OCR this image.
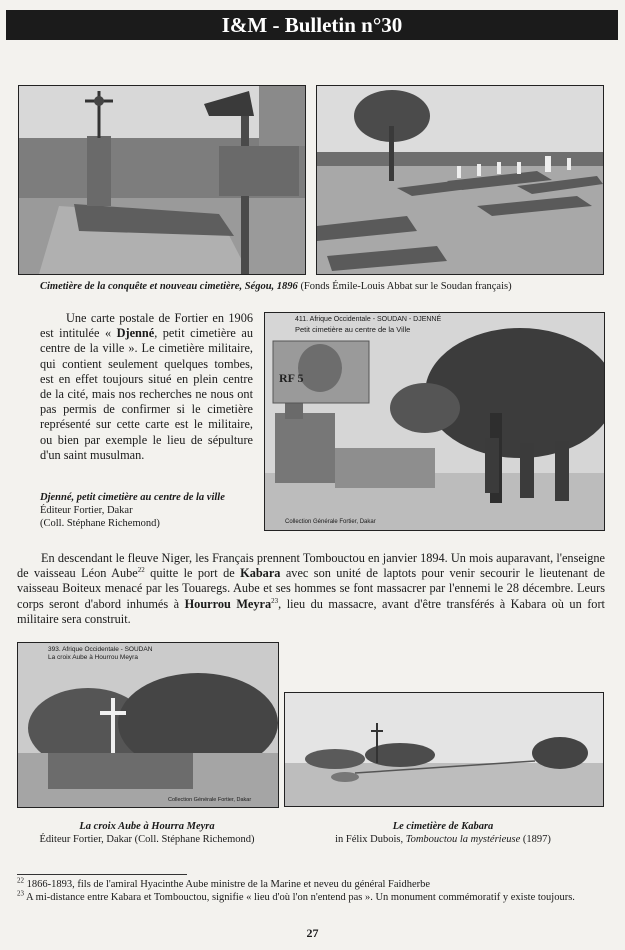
I&M - Bulletin n°30
Cimetière de la conquête et nouveau cimetière, Ségou, 1896 (Fonds Émile-Louis Abbat sur le Soudan français)
Une carte postale de Fortier en 1906 est intitulée « Djenné, petit cimetière au centre de la ville ». Le cimetière militaire, qui contient seulement quelques tombes, est en effet toujours situé en plein centre de la cité, mais nos recherches ne nous ont pas permis de confirmer si le cimetière représenté sur cette carte est le militaire, ou bien par exemple le lieu de sépulture d'un saint musulman.
411. Afrique Occidentale - SOUDAN - DJENNÉ
Petit cimetière au centre de la Ville
RF 5
Collection Générale Fortier, Dakar
Djenné, petit cimetière au centre de la ville
Éditeur Fortier, Dakar
(Coll. Stéphane Richemond)
En descendant le fleuve Niger, les Français prennent Tombouctou en janvier 1894. Un mois auparavant, l'enseigne de vaisseau Léon Aube$^{22}$ quitte le port de Kabara avec son unité de laptots pour venir secourir le lieutenant de vaisseau Boiteux menacé par les Touaregs. Aube et ses hommes se font massacrer par l'ennemi le 28 décembre. Leurs corps seront d'abord inhumés à Hourrou Meyra$^{23}$, lieu du massacre, avant d'être transférés à Kabara où un fort militaire sera construit.
393. Afrique Occidentale - SOUDAN
La croix Aube à Hourrou Meyra
Collection Générale Fortier, Dakar
La croix Aube à Hourra Meyra
Éditeur Fortier, Dakar (Coll. Stéphane Richemond)
Le cimetière de Kabara
in Félix Dubois, Tombouctou la mystérieuse (1897)
$^{22}$ 1866-1893, fils de l'amiral Hyacinthe Aube ministre de la Marine et neveu du général Faidherbe
$^{23}$ A mi-distance entre Kabara et Tombouctou, signifie « lieu d'où l'on n'entend pas ». Un monument commémoratif y existe toujours.
27
